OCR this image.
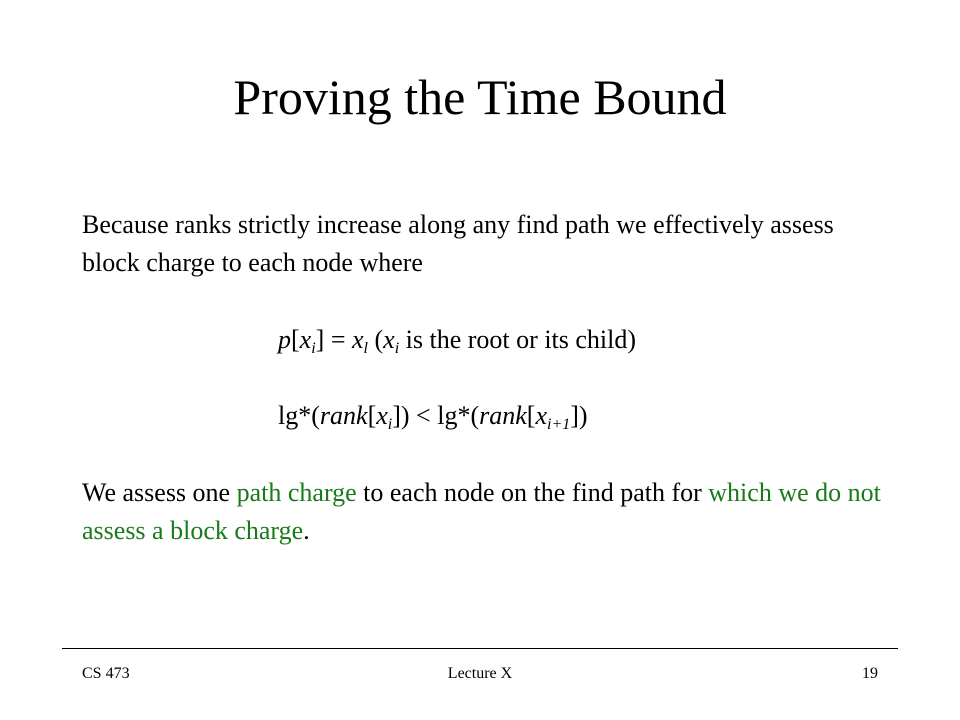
Proving the Time Bound

Because ranks strictly increase along any find path we effectively assess block charge to each node where

$p[x_i] = x_l$ ($x_i$ is the root or its child)
$\lg*(rank[x_i])$ < $\lg*(rank[x_{i+1}])$

We assess one path charge to each node on the find path for which we do not assess a block charge.

CS 473	Lecture X	19
